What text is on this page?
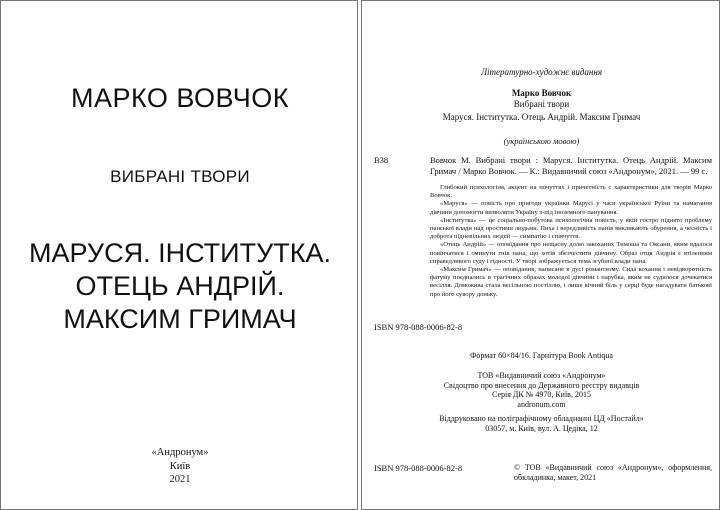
МАРКО ВОВЧОК
ВИБРАНІ ТВОРИ
МАРУСЯ. ІНСТИТУТКА.
ОТЕЦЬ АНДРІЙ.
МАКСИМ ГРИМАЧ
«Андронум»
Київ
2021
Літературно-художнє видання
Марко Вовчок
Вибрані твори
Маруся. Інститутка. Отець Андрій. Максим Гримач
(українською мовою)
В38	Вовчок М. Вибрані твори : Маруся. Інститутка. Отець Андрій. Максим Гримач / Марко Вовчок. — К.: Видавничий союз «Андронум», 2021. — 99 с.

Глибокий психологізм, акцент на почуттях і причетність с характеристики для творів Марко Вовчок.

«Маруся» — повість про пригоди українки Марусі у часи української Руїни та намагання дівчини допомогти визволити Україну з-під іноземного панування.

«Інститутка» — це соціально-побутова психологічна повість, у якій гостро піднято проблему панської влади над простими людьми. Пиха і вередливість панів викликають обурення, а чесність і доброта підневільних людей — симпатію і співчуття.

«Отець Андрій» — оповідання про нещасну долю закоханих Тимоша та Оксани, яким вдалося повінчатися і оминути гнів пана, що хотів збезчестити дівчину. Образ отця Андрія є втіленням справедливого суду і гідності. У творі зображується тема згубної влади пана.

«Максим Гримач» — оповідання, написане в дусі романтизму. Сила кохання і невідворотність фатуму поєднались в трагічних образах молодої дівчини і парубка, яким не судилося дочекатися весілля. Доможива стала весільною постіллю, і лише вічний біль у серці буде нагадувати батькові про його сувору доньку.

ISBN 978-088-0006-82-8
Формат 60×84/16. Гарнітура Book Antiqua
ТОВ «Видавничий союз «Андронум»
Свідоцтво про внесення до Державного реєстру видавців
Серія ДК № 4970, Київ, 2015
andronum.com
Віддруковано на поліграфічному обладнанні ЦД «Постайл»
03057, м. Київ, вул. А. Цедіка, 12
ISBN 978-088-0006-82-8	© ТОВ «Видавничий союз «Андронум», оформлення, обкладинка, макет, 2021
